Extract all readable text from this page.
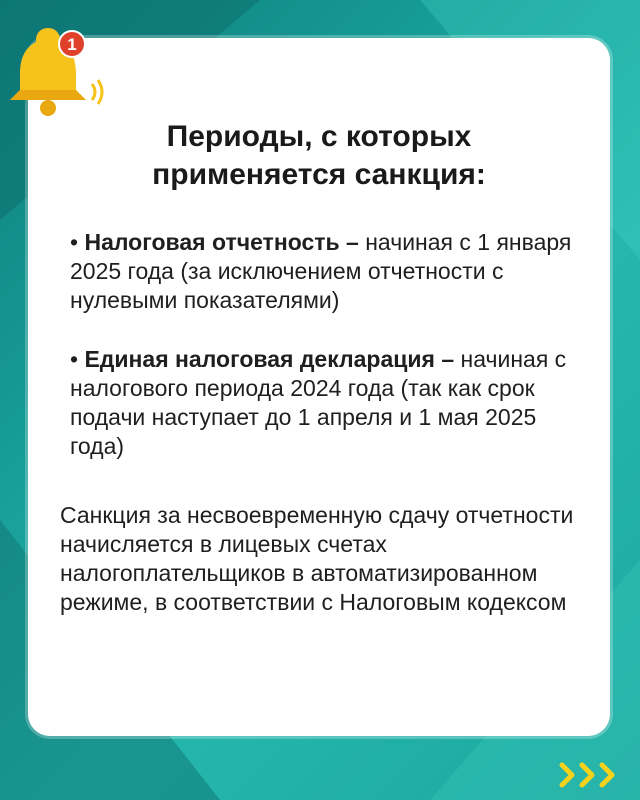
Периоды, с которых применяется санкция:
• Налоговая отчетность – начиная с 1 января 2025 года (за исключением отчетности с нулевыми показателями)
• Единая налоговая декларация – начиная с налогового периода 2024 года (так как срок подачи наступает до 1 апреля и 1 мая 2025 года)
Санкция за несвоевременную сдачу отчетности начисляется в лицевых счетах налогоплательщиков в автоматизированном режиме, в соответствии с Налоговым кодексом
1
